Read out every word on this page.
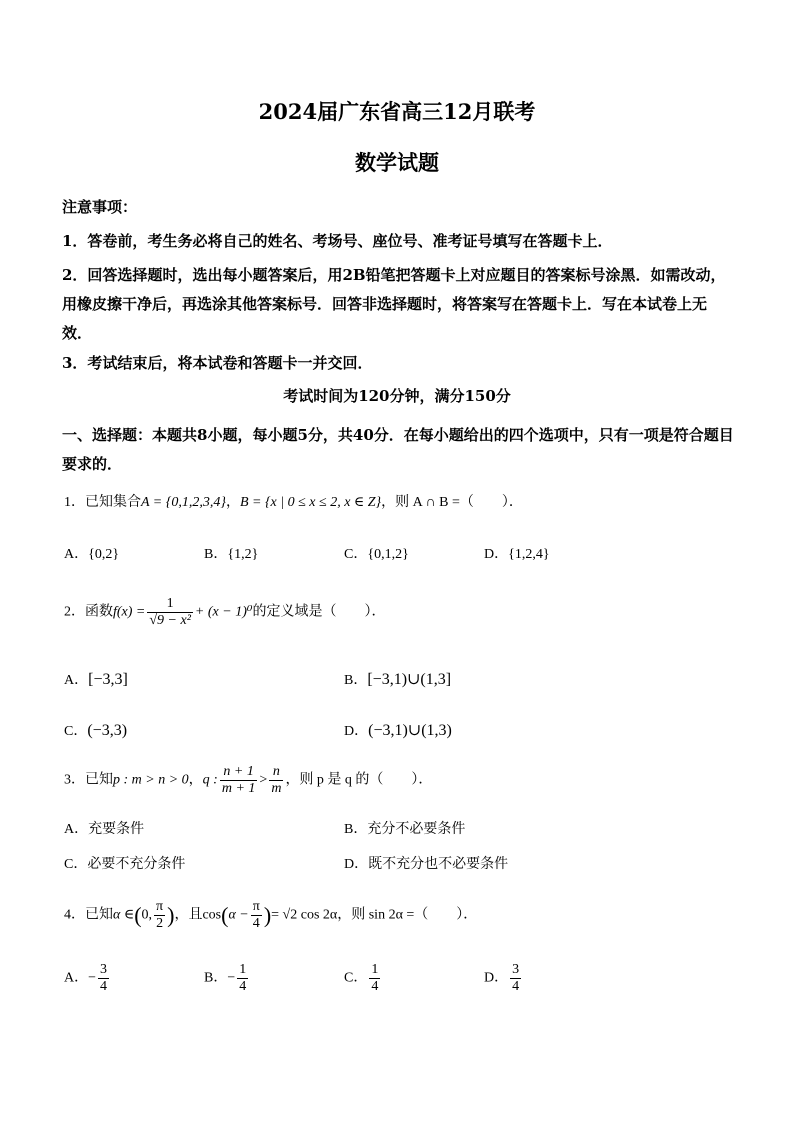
2024届广东省高三12月联考
数学试题
注意事项：
1．答卷前，考生务必将自己的姓名、考场号、座位号、准考证号填写在答题卡上．
2．回答选择题时，选出每小题答案后，用2B铅笔把答题卡上对应题目的答案标号涂黑．如需改动，用橡皮擦干净后，再选涂其他答案标号．回答非选择题时，将答案写在答题卡上．写在本试卷上无效．
3．考试结束后，将本试卷和答题卡一并交回．
考试时间为120分钟，满分150分
一、选择题：本题共8小题，每小题5分，共40分．在每小题给出的四个选项中，只有一项是符合题目要求的．
1．已知集合A = {0,1,2,3,4}，B = {x | 0 ≤ x ≤ 2, x ∈ Z}，则 A ∩ B =（　　）．
A．{0,2}	B．{1,2}	C．{0,1,2}	D．{1,2,4}
2．函数$f(x) = \frac{1}{\text{√9 − x²}} + (x - 1)^0$的定义域是（　　）．
A．[−3,3]	B．[−3,1)∪(1,3]
C．(−3,3)	D．(−3,1)∪(1,3)
3．已知p : m > n > 0，q : $\frac{n + 1}{m + 1} > \frac{n}{m}$ ，则 p 是 q 的（　　）．
A．充要条件	B．充分不必要条件
C．必要不充分条件	D．既不充分也不必要条件
4．已知α ∈(0, $\frac{\pi}{2}$ )，且$\cos(\alpha - \frac{\pi}{4}$ )= √2 cos 2α，则 sin 2α =（　　）．
A．− $\frac{3}{4}$	B．− $\frac{1}{4}$	C． $\frac{1}{4}$	D． $\frac{3}{4}$
